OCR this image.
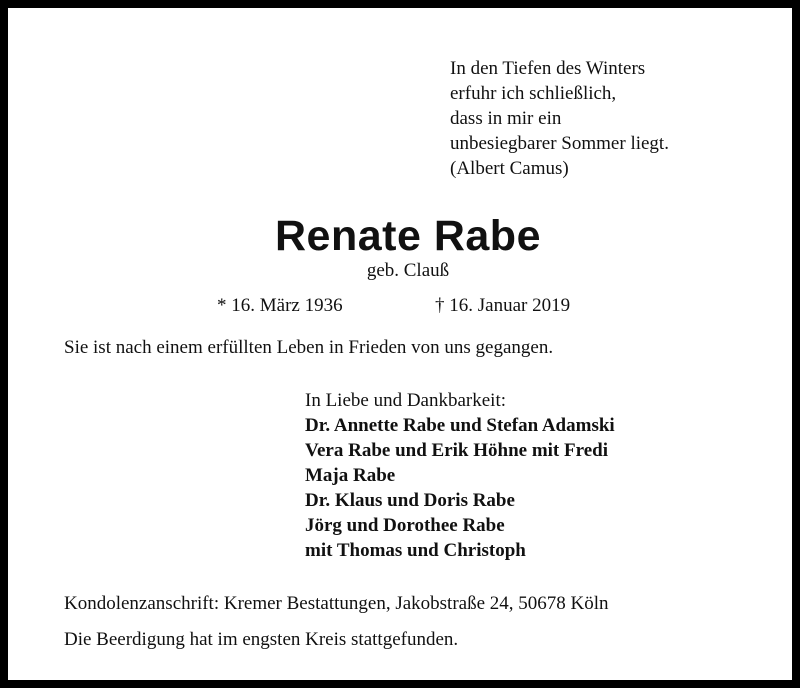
In den Tiefen des Winters
erfuhr ich schließlich,
dass in mir ein
unbesiegbarer Sommer liegt.
(Albert Camus)
Renate Rabe
geb. Clauß
* 16. März 1936	† 16. Januar 2019
Sie ist nach einem erfüllten Leben in Frieden von uns gegangen.
In Liebe und Dankbarkeit:
Dr. Annette Rabe und Stefan Adamski
Vera Rabe und Erik Höhne mit Fredi
Maja Rabe
Dr. Klaus und Doris Rabe
Jörg und Dorothee Rabe
mit Thomas und Christoph
Kondolenzanschrift: Kremer Bestattungen, Jakobstraße 24, 50678 Köln
Die Beerdigung hat im engsten Kreis stattgefunden.
